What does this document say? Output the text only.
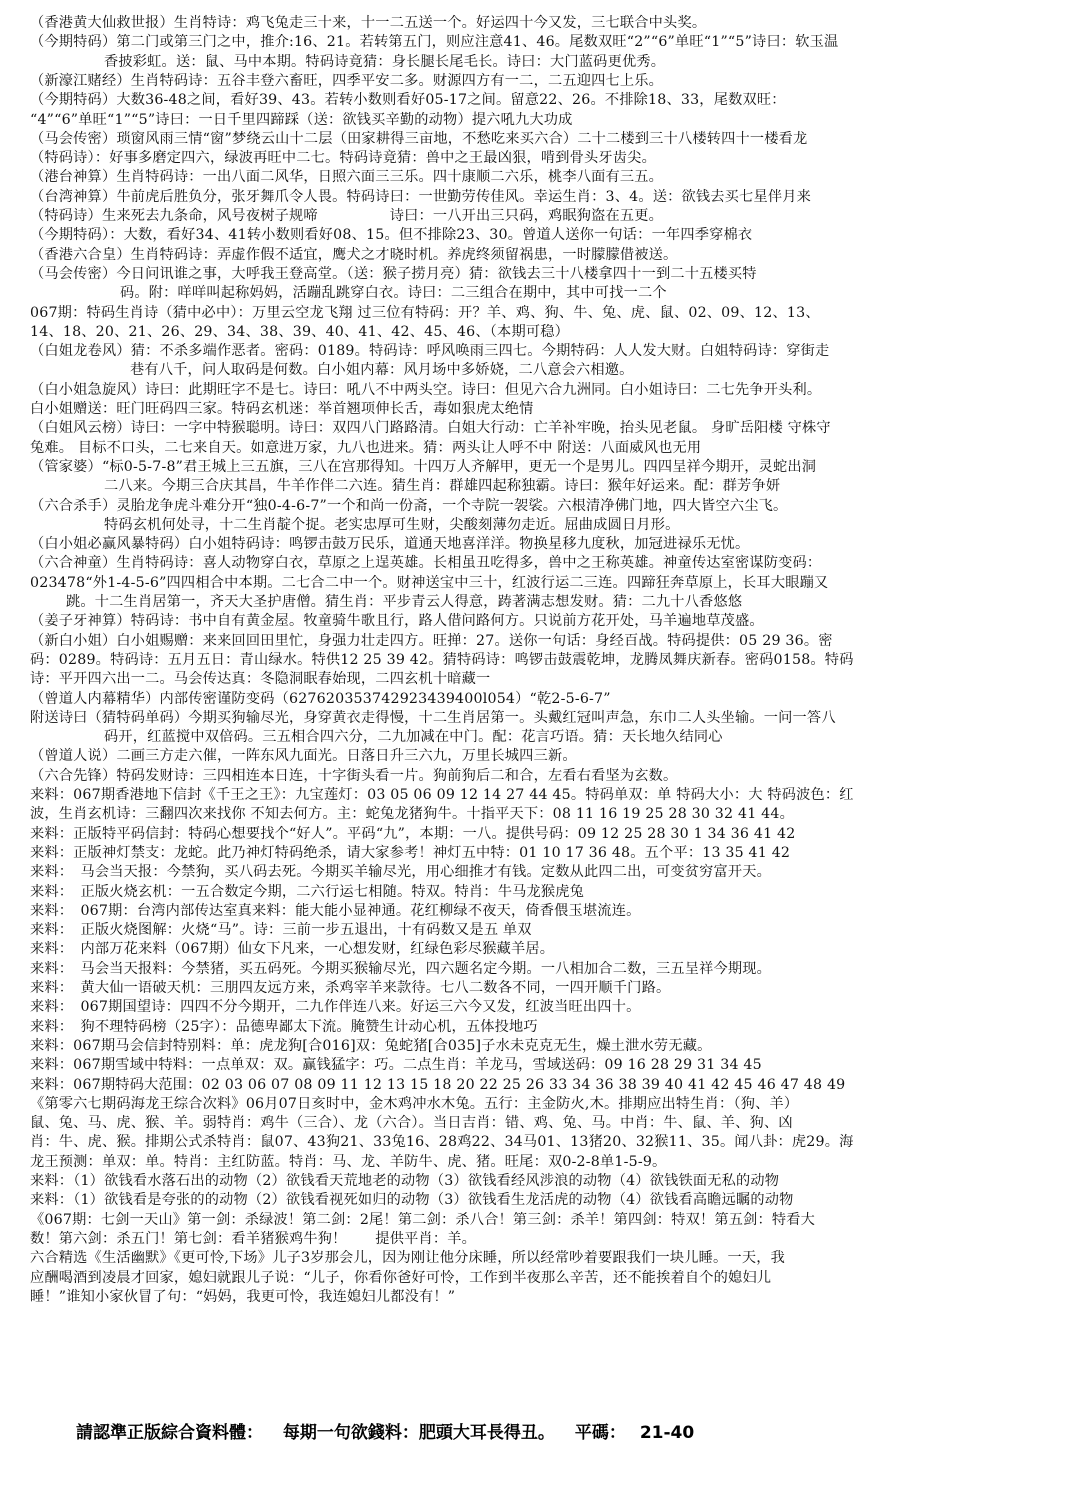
（香港黄大仙救世报）生肖特诗：鸡飞兔走三十来，十一二五送一个。好运四十今又发，三七联合中头奖。
（今期特码）第二门或第三门之中，推介:16、21。若转第五门，则应注意41、46。尾数双旺“2”“6”单旺“1”“5”诗曰：软玉温
香披彩虹。送：鼠、马中本期。特码诗竟猜：身长腿长尾毛长。诗曰：大门蓝码更优秀。
（新濠江赌经）生肖特码诗：五谷丰登六畜旺，四季平安二多。财源四方有一二，二五迎四七上乐。
（今期特码）大数36-48之间，看好39、43。若转小数则看好05-17之间。留意22、26。不排除18、33，尾数双旺：
“4”“6”单旺“1”“5”诗曰：一日千里四蹄踩（送：欲钱买辛勤的动物）提六吼九大功成
（马会传密）琐窗风雨三情“窗”梦绕云山十二层（田家耕得三亩地，不愁吃来买六合）二十二楼到三十八楼转四十一楼看龙
（特码诗）：好事多磨定四六，绿波再旺中二七。特码诗竟猜：兽中之王最凶狠，啃到骨头牙齿尖。
（港台神算）生肖特码诗：一出八面二风华，日照六面三三乐。四十康顺二六乐，桃李八面有三五。
（台湾神算）牛前虎后胜负分，张牙舞爪令人畏。特码诗曰：一世勤劳传佳风。幸运生肖：3、4。送：欲钱去买七星伴月来
（特码诗）生来死去九条命，风号夜树子规啼　　　　　诗曰：一八开出三只码，鸡眠狗盗在五更。
（今期特码）：大数，看好34、41转小数则看好08、15。但不排除23、30。曾道人送你一句话：一年四季穿棉衣
（香港六合皇）生肖特码诗：弄虚作假不适宜，鹰犬之才晓时机。养虎终须留祸患，一时朦朦借被送。
（马会传密）今日问讯谁之事，大呼我王登高堂。（送：猴子捞月亮）猜：欲钱去三十八楼拿四十一到二十五楼买特
码。附：咩咩叫起称妈妈，活蹦乱跳穿白衣。诗曰：二三组合在期中，其中可找一二个
067期：特码生肖诗（猜中必中）：万里云空龙飞翔 过三位有特码：开？羊、鸡、狗、牛、兔、虎、鼠、02、09、12、13、
14、18、20、21、26、29、34、38、39、40、41、42、45、46、（本期可稳）
（白姐龙卷风）猜：不杀多端作恶者。密码：0189。特码诗：呼风唤雨三四七。今期特码：人人发大财。白姐特码诗：穿街走
巷有八千，问人取码是何数。白小姐内幕：风月场中多娇娆，二八意会六相邀。
（白小姐急旋风）诗曰：此期旺字不是七。诗曰：吼八不中两头空。诗曰：但见六合九洲同。白小姐诗曰：二七先争开头利。
白小姐赠送：旺门旺码四三家。特码玄机迷：举首翘项伸长舌，毒如狠虎太绝情
（白姐风云榜）诗曰：一字中特猴聪明。诗曰：双四八门路路清。白姐大行动：亡羊补牢晚，抬头见老鼠。 身旷岳阳楼 守株守
兔难。 目标不口头，二七来自天。如意进万家，九八也进来。猜：两头让人呼不中 附送：八面威风也无用
（管家婆）“标0-5-7-8”君王城上三五旗，三八在宫那得知。十四万人齐解甲，更无一个是男儿。四四呈祥今期开，灵蛇出洞
二八来。今期三合庆其昌，牛羊作伴二六连。猜生肖：群雄四起称独霸。诗曰：猴年好运来。配：群芳争妍
（六合杀手）灵胎龙争虎斗难分开“独0-4-6-7”一个和尚一份斋，一个寺院一袈裟。六根清净佛门地，四大皆空六尘飞。
特码玄机何处寻，十二生肖靛个捉。老实忠厚可生财，尖酸刻薄勿走近。屈曲成圆日月形。
（白小姐必赢风暴特码）白小姐特码诗：鸣锣击鼓万民乐，道通天地喜洋洋。物换星移九度秋，加冠进禄乐无忧。
（六合神童）生肖特码诗：喜人动物穿白衣，草原之上逞英雄。长相虽丑吃得多，兽中之王称英雄。神童传达室密谋防变码：
023478“外1-4-5-6”四四相合中本期。二七合二中一个。财神送宝中三十，红波行运二三连。四蹄狂奔草原上，长耳大眼蹦又
跳。十二生肖居第一，齐天大圣护唐僧。猜生肖：平步青云人得意，踌著满志想发财。猜：二九十八香悠悠
（姜子牙神算）特码诗：书中自有黄金屋。牧童骑牛歌且行，路人借问路何方。只说前方花开处，马羊遍地草茂盛。
（新白小姐）白小姐赐赠：来来回回田里忙，身强力壮走四方。旺掸：27。送你一句话：身经百战。特码提供：05 29 36。密
码：0289。特码诗：五月五日：青山绿水。特供12 25 39 42。猜特码诗：鸣锣击鼓震乾坤，龙腾凤舞庆新春。密码0158。特码
诗：平开四六出一二。马会传达真：冬隐洞眠春始现，二四玄机十暗藏一
（曾道人内幕精华）内部传密谨防变码（627620353742923439400l054）“乾2-5-6-7”
附送诗曰（猜特码单码）今期买狗输尽光，身穿黄衣走得慢，十二生肖居第一。头戴红冠叫声急，东巾二人头坐输。一问一答八
码开，红蓝搅中双倍码。三五相合四六分，二九加减在中门。配：花言巧语。猜：天长地久结同心
（曾道人说）二画三方走六催，一阵东风九面光。日落日升三六九，万里长城四三新。
（六合先锋）特码发财诗：三四相连本日连，十字街头看一片。狗前狗后二和合，左看右看坚为玄数。
来料：067期香港地下信封《千王之王》：九宝莲灯：03 05 06 09 12 14 27 44 45。特码单双：单 特码大小：大 特码波色：红
波，生肖玄机诗：三翻四次来找你 不知去何方。主：蛇兔龙猪狗牛。十指平天下：08 11 16 19 25 28 30 32 41 44。
来料：正版特平码信封：特码心想要找个“好人”。平码“九”，本期：一八。提供号码：09 12 25 28 30 1 34 36 41 42
来料：正版神灯禁支：龙蛇。此乃神灯特码绝杀，请大家参考！神灯五中特：01 10 17 36 48。五个平：13 35 41 42
来料：　马会当天报：今禁狗，买八码去死。今期买羊输尽光，用心细推才有钱。定数从此四二出，可变贫穷富开天。
来料：　正版火烧玄机：一五合数定今期，二六行运七相随。特双。特肖：牛马龙猴虎兔
来料：　067期：台湾内部传达室真来料：能大能小显神通。花红柳绿不夜天，倚香偎玉堪流连。
来料：　正版火烧图解：火烧“马”。诗：三前一步五退出，十有码数又是五 单双
来料：　内部万花来料（067期）仙女下凡来，一心想发财，红绿色彩尽猴藏羊居。
来料：　马会当天报料：今禁猪，买五码死。今期买猴输尽光，四六题名定今期。一八相加合二数，三五呈祥今期现。
来料：　黄大仙一语破天机：三朋四友远方来，杀鸡宰羊来款待。七八二数各不同，一四开顺千门路。
来料：　067期国望诗：四四不分今期开，二九作伴连八来。好运三六今又发，红波当旺出四十。
来料：　狗不理特码榜（25字）：品德卑鄙太下流。腌赞生计动心机，五体投地巧
来料：067期马会信封特别料：单：虎龙狗[合016]双：兔蛇猪[合035]子水未克克无生，燥土泄水劳无藏。
来料：067期雪域中特料：一点单双：双。赢钱猛字：巧。二点生肖：羊龙马，雪域送码：09 16 28 29 31 34 45
来料：067期特码大范围：02 03 06 07 08 09 11 12 13 15 18 20 22 25 26 33 34 36 38 39 40 41 42 45 46 47 48 49
《第零六七期码海龙王综合次料》06月07日亥时中，金木鸡冲水木兔。五行：主金防火,木。排期应出特生肖：（狗、羊）
鼠、兔、马、虎、猴、羊。弱特肖：鸡牛（三合）、龙（六合）。当日吉肖：错、鸡、兔、马。中肖：牛、鼠、羊、狗、凶
肖：牛、虎、猴。排期公式杀特肖：鼠07、43狗21、33兔16、28鸡22、34马01、13猪20、32猴11、35。闻八卦：虎29。海
龙王预测：单双：单。特肖：主红防蓝。特肖：马、龙、羊防牛、虎、猪。旺尾：双0-2-8单1-5-9。
来料：（1）欲钱看水落石出的动物（2）欲钱看天荒地老的动物（3）欲钱看经风涉浪的动物（4）欲钱铁面无私的动物
来料：（1）欲钱看是夸张的的动物（2）欲钱看视死如归的动物（3）欲钱看生龙活虎的动物（4）欲钱看高瞻远瞩的动物
《067期：七剑一天山》第一剑：杀绿波！第二剑：2尾！第二剑：杀八合！第三剑：杀羊！第四剑：特双！第五剑：特看大
数！第六剑：杀五门！第七剑：看羊猪猴鸡牛狗！　　提供平肖：羊。
六合精选《生活幽默》《更可怜,下场》儿子3岁那会儿，因为刚让他分床睡，所以经常吵着要跟我们一块儿睡。一天，我
应酬喝酒到凌晨才回家，媳妇就跟儿子说：“儿子，你看你爸好可怜，工作到半夜那么辛苦，还不能挨着自个的媳妇儿
睡！”谁知小家伙冒了句：“妈妈，我更可怜，我连媳妇儿都没有！”
請認準正版綜合資料體： 每期一句欲錢料：肥頭大耳長得丑。 平碼： 21-40
